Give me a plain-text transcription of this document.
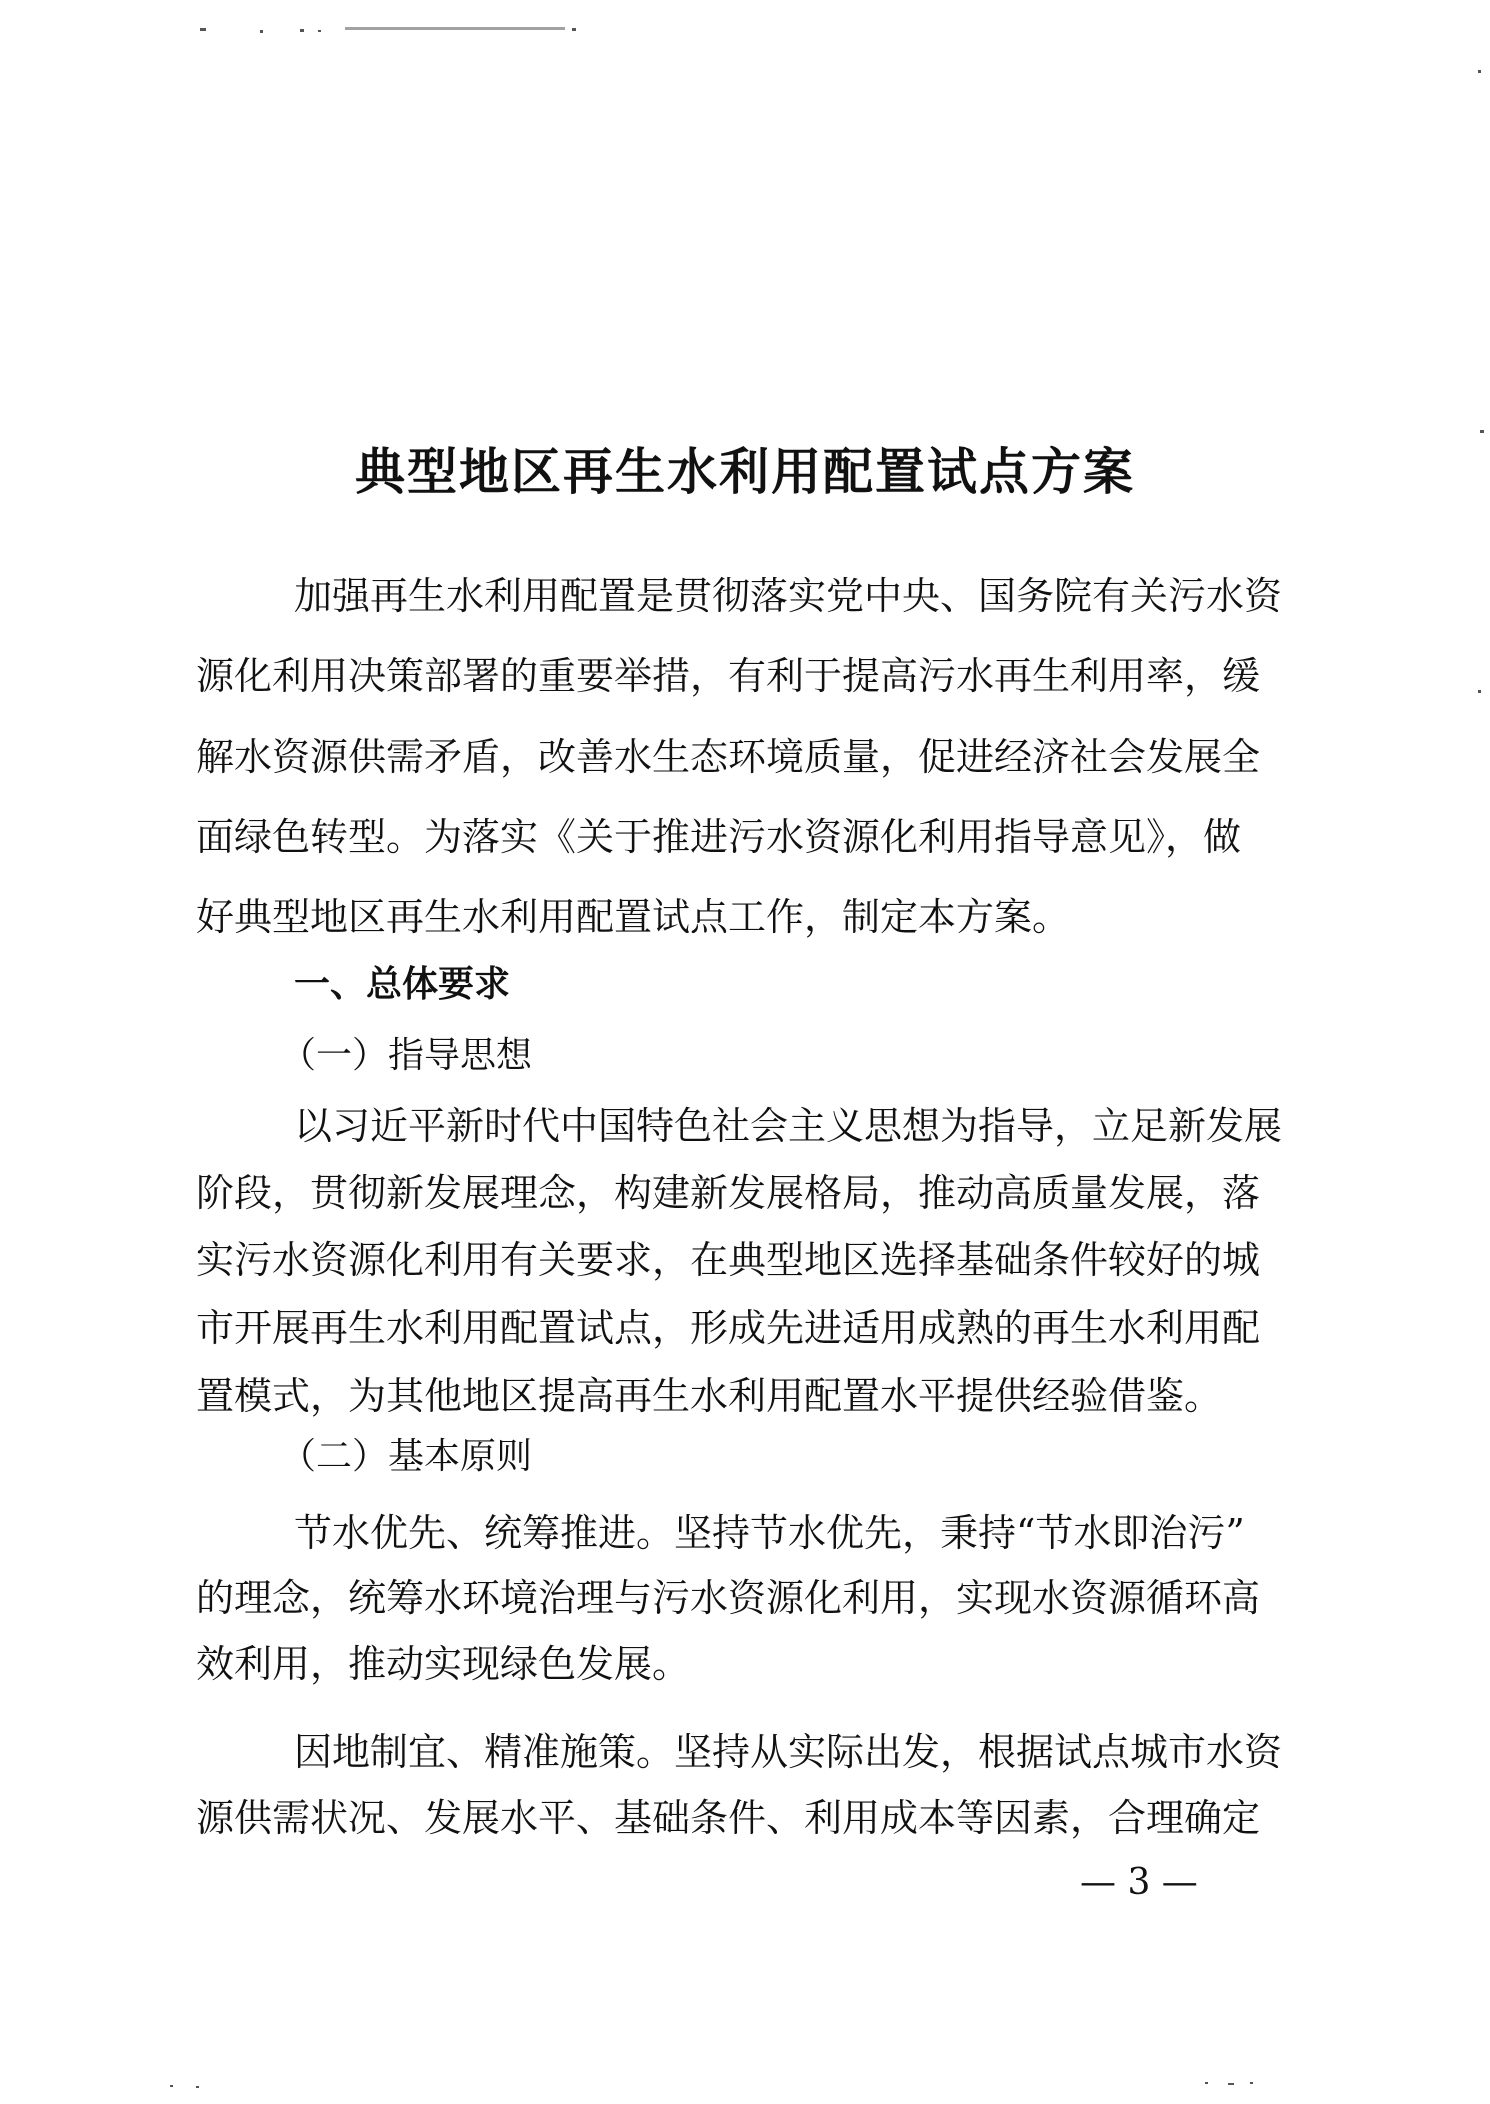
典型地区再生水利用配置试点方案

加强再生水利用配置是贯彻落实党中央、国务院有关污水资

源化利用决策部署的重要举措，有利于提高污水再生利用率，缓

解水资源供需矛盾，改善水生态环境质量，促进经济社会发展全

面绿色转型。为落实《关于推进污水资源化利用指导意见》，做

好典型地区再生水利用配置试点工作，制定本方案。

一、总体要求

（一）指导思想

以习近平新时代中国特色社会主义思想为指导，立足新发展

阶段，贯彻新发展理念，构建新发展格局，推动高质量发展，落

实污水资源化利用有关要求，在典型地区选择基础条件较好的城

市开展再生水利用配置试点，形成先进适用成熟的再生水利用配

置模式，为其他地区提高再生水利用配置水平提供经验借鉴。

（二）基本原则

节水优先、统筹推进。坚持节水优先，秉持“节水即治污”

的理念，统筹水环境治理与污水资源化利用，实现水资源循环高

效利用，推动实现绿色发展。

因地制宜、精准施策。坚持从实际出发，根据试点城市水资

源供需状况、发展水平、基础条件、利用成本等因素，合理确定

— 3 —
